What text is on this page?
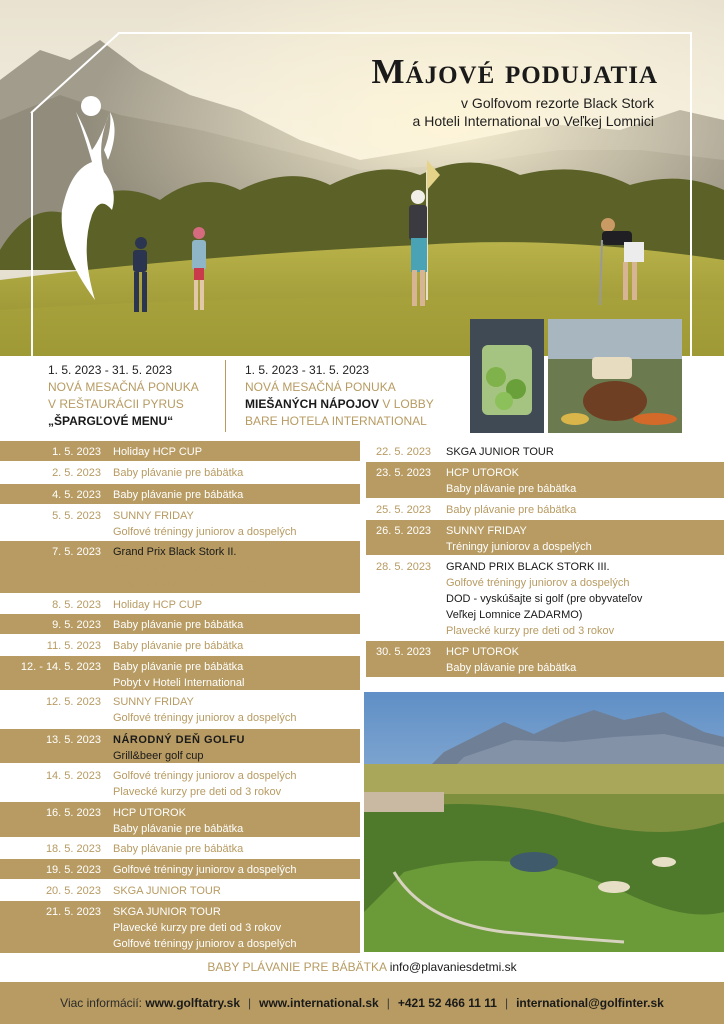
Májové podujatia
v Golfovom rezorte Black Stork
a Hoteli International vo Veľkej Lomnici
1. 5. 2023 - 31. 5. 2023
NOVÁ MESAČNÁ PONUKA
V REŠTAURÁCII PYRUS
„ŠPARGĽOVÉ MENU“
1. 5. 2023 - 31. 5. 2023
NOVÁ MESAČNÁ PONUKA
MIEŠANÝCH NÁPOJOV V LOBBY
BARE HOTELA INTERNATIONAL
1. 5. 2023 Holiday HCP CUP
2. 5. 2023 Baby plávanie pre bábätka
4. 5. 2023 Baby plávanie pre bábätka
5. 5. 2023 SUNNY FRIDAY
Golfové tréningy juniorov a dospelých
7. 5. 2023 Grand Prix Black Stork II.
Plavecké kurzy pre deti od 3 rokov
Golfové tréningy juniorov a dospelých
8. 5. 2023 Holiday HCP CUP
9. 5. 2023 Baby plávanie pre bábätka
11. 5. 2023 Baby plávanie pre bábätka
12. - 14. 5. 2023 Baby plávanie pre bábätka
Pobyt v Hoteli International
12. 5. 2023 SUNNY FRIDAY
Golfové tréningy juniorov a dospelých
13. 5. 2023 NÁRODNÝ DEŇ GOLFU
Grill&beer golf cup
14. 5. 2023 Golfové tréningy juniorov a dospelých
Plavecké kurzy pre deti od 3 rokov
16. 5. 2023 HCP UTOROK
Baby plávanie pre bábätka
18. 5. 2023 Baby plávanie pre bábätka
19. 5. 2023 Golfové tréningy juniorov a dospelých
20. 5. 2023 SKGA JUNIOR TOUR
21. 5. 2023 SKGA JUNIOR TOUR
Plavecké kurzy pre deti od 3 rokov
Golfové tréningy juniorov a dospelých
22. 5. 2023 SKGA JUNIOR TOUR
23. 5. 2023 HCP UTOROK
Baby plávanie pre bábätka
25. 5. 2023 Baby plávanie pre bábätka
26. 5. 2023 SUNNY FRIDAY
Tréningy juniorov a dospelých
28. 5. 2023 GRAND PRIX BLACK STORK III.
Golfové tréningy juniorov a dospelých
DOD - vyskúšajte si golf (pre obyvateľov
Veľkej Lomnice ZADARMO)
Plavecké kurzy pre deti od 3 rokov
30. 5. 2023 HCP UTOROK
Baby plávanie pre bábätka
BABY PLÁVANIE PRE BÁBÄTKA info@plavaniesdetmi.sk
Viac informácií:
www.golftatry.sk | www.international.sk | +421 52 466 11 11 | international@golfinter.sk
